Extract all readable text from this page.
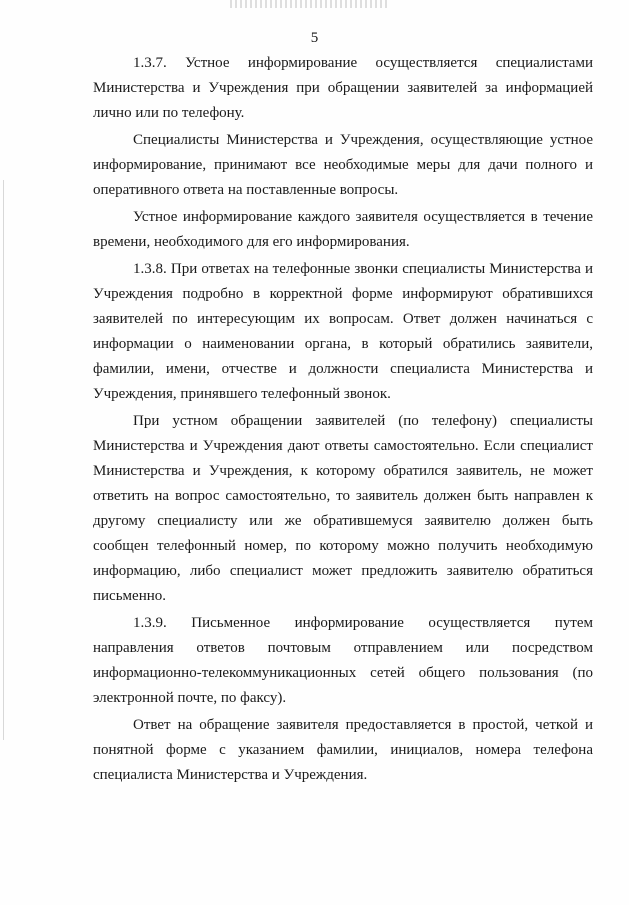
5

1.3.7. Устное информирование осуществляется специалистами Министерства и Учреждения при обращении заявителей за информацией лично или по телефону.

Специалисты Министерства и Учреждения, осуществляющие устное информирование, принимают все необходимые меры для дачи полного и оперативного ответа на поставленные вопросы.

Устное информирование каждого заявителя осуществляется в течение времени, необходимого для его информирования.

1.3.8. При ответах на телефонные звонки специалисты Министерства и Учреждения подробно в корректной форме информируют обратившихся заявителей по интересующим их вопросам. Ответ должен начинаться с информации о наименовании органа, в который обратились заявители, фамилии, имени, отчестве и должности специалиста Министерства и Учреждения, принявшего телефонный звонок.

При устном обращении заявителей (по телефону) специалисты Министерства и Учреждения дают ответы самостоятельно. Если специалист Министерства и Учреждения, к которому обратился заявитель, не может ответить на вопрос самостоятельно, то заявитель должен быть направлен к другому специалисту или же обратившемуся заявителю должен быть сообщен телефонный номер, по которому можно получить необходимую информацию, либо специалист может предложить заявителю обратиться письменно.

1.3.9. Письменное информирование осуществляется путем направления ответов почтовым отправлением или посредством информационно-телекоммуникационных сетей общего пользования (по электронной почте, по факсу).

Ответ на обращение заявителя предоставляется в простой, четкой и понятной форме с указанием фамилии, инициалов, номера телефона специалиста Министерства и Учреждения.
